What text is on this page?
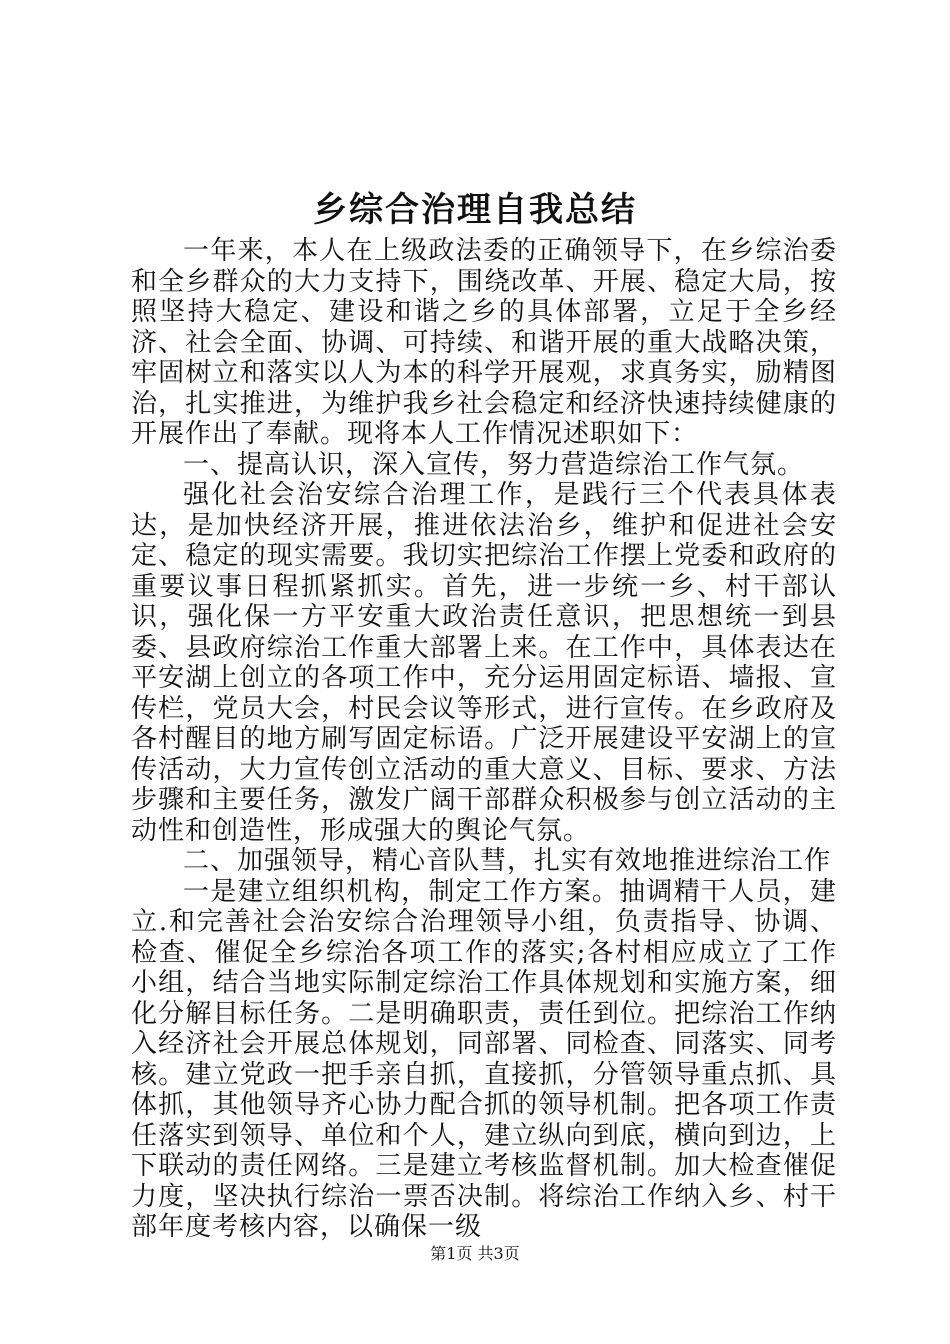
乡综合治理自我总结

一年来，本人在上级政法委的正确领导下，在乡综治委和全乡群众的大力支持下，围绕改革、开展、稳定大局，按照坚持大稳定、建设和谐之乡的具体部署，立足于全乡经济、社会全面、协调、可持续、和谐开展的重大战略决策，牢固树立和落实以人为本的科学开展观，求真务实，励精图治，扎实推进，为维护我乡社会稳定和经济快速持续健康的开展作出了奉献。现将本人工作情况述职如下：

一、提高认识，深入宣传，努力营造综治工作气氛。

强化社会治安综合治理工作，是践行三个代表具体表达，是加快经济开展，推进依法治乡，维护和促进社会安定、稳定的现实需要。我切实把综治工作摆上党委和政府的重要议事日程抓紧抓实。首先，进一步统一乡、村干部认识，强化保一方平安重大政治责任意识，把思想统一到县委、县政府综治工作重大部署上来。在工作中，具体表达在平安湖上创立的各项工作中，充分运用固定标语、墙报、宣传栏，党员大会，村民会议等形式，进行宣传。在乡政府及各村醒目的地方刷写固定标语。广泛开展建设平安湖上的宣传活动，大力宣传创立活动的重大意义、目标、要求、方法步骤和主要任务，激发广阔干部群众积极参与创立活动的主动性和创造性，形成强大的舆论气氛。

二、加强领导，精心音队彗，扎实有效地推进综治工作

一是建立组织机构，制定工作方案。抽调精干人员，建立.和完善社会治安综合治理领导小组，负责指导、协调、检查、催促全乡综治各项工作的落实;各村相应成立了工作小组，结合当地实际制定综治工作具体规划和实施方案，细化分解目标任务。二是明确职责，责任到位。把综治工作纳入经济社会开展总体规划，同部署、同检查、同落实、同考核。建立党政一把手亲自抓，直接抓，分管领导重点抓、具体抓，其他领导齐心协力配合抓的领导机制。把各项工作责任落实到领导、单位和个人，建立纵向到底，横向到边，上下联动的责任网络。三是建立考核监督机制。加大检查催促力度，坚决执行综治一票否决制。将综治工作纳入乡、村干部年度考核内容，以确保一级

第1页 共3页
